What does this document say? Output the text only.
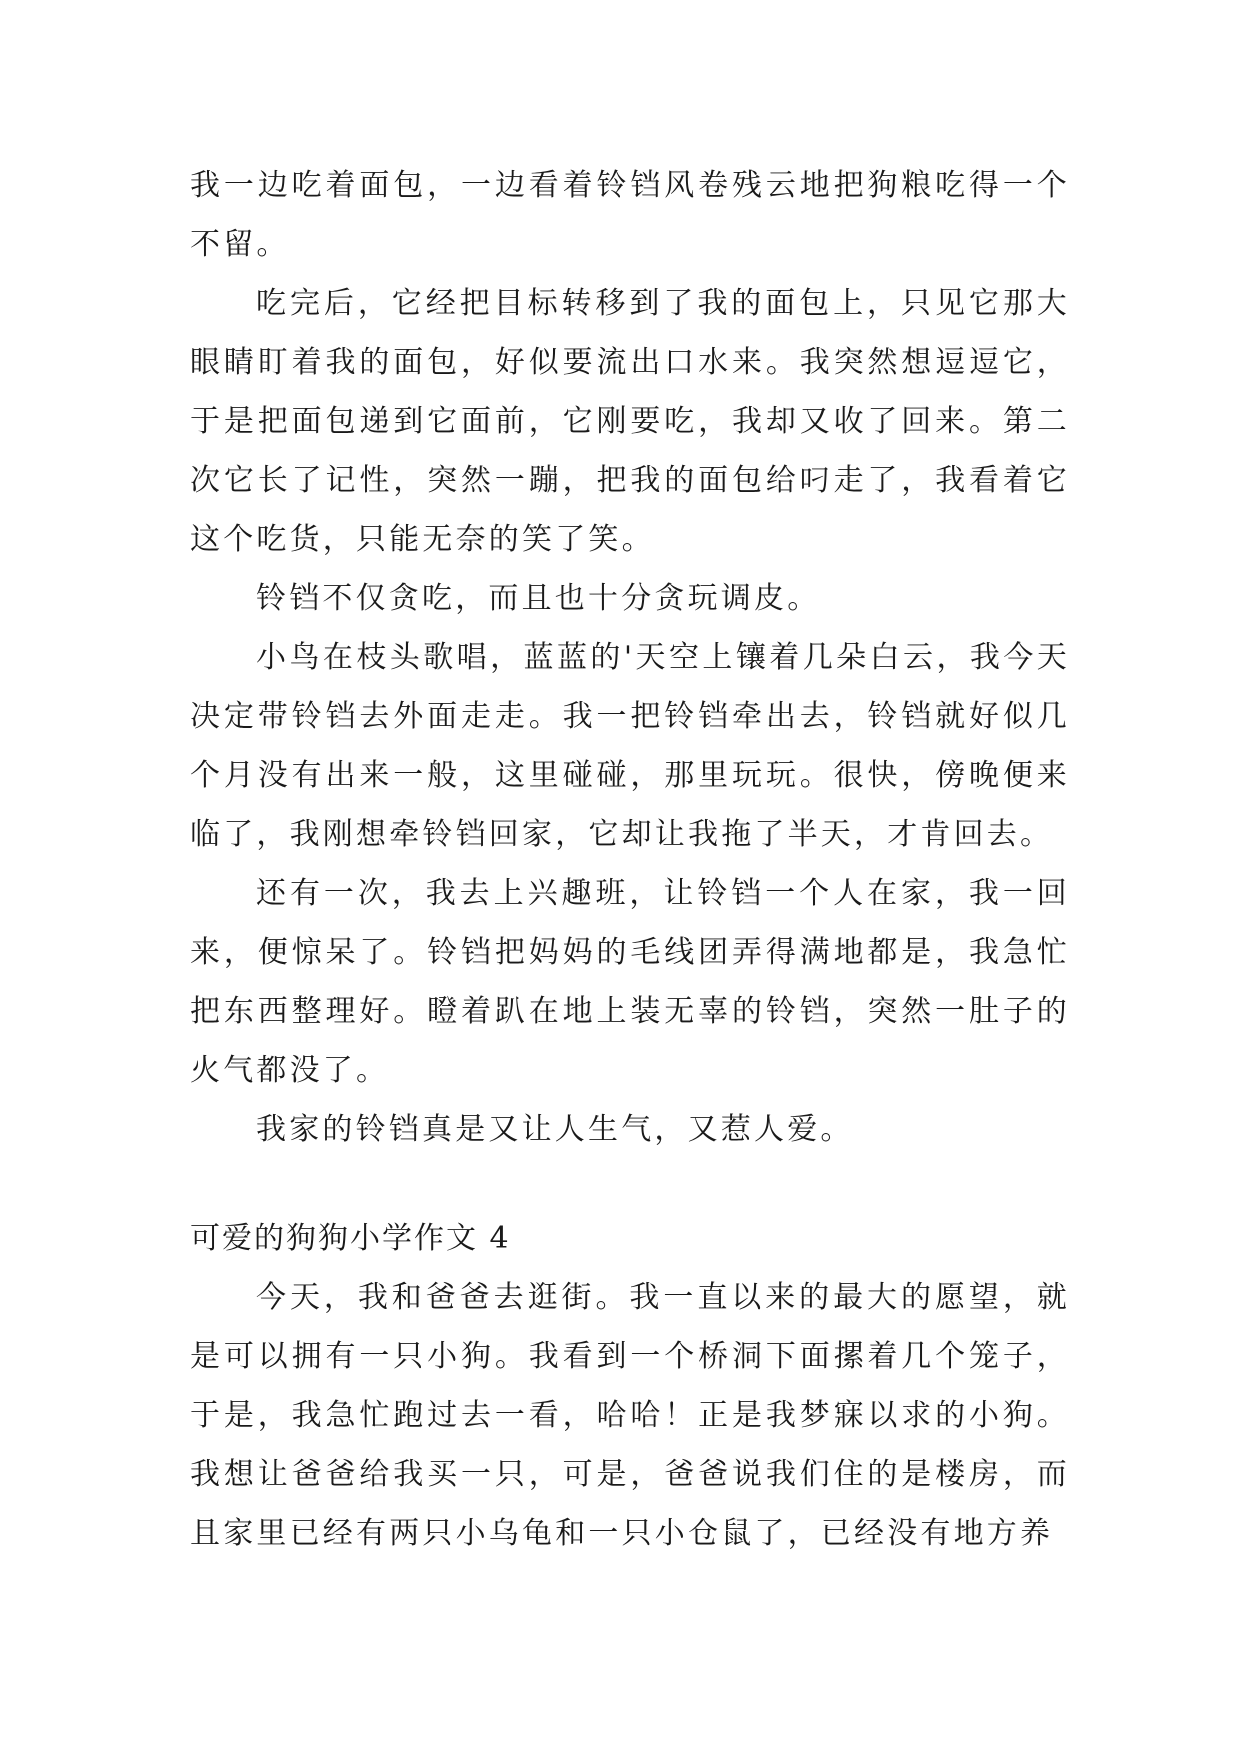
我一边吃着面包，一边看着铃铛风卷残云地把狗粮吃得一个不留。

吃完后，它经把目标转移到了我的面包上，只见它那大眼睛盯着我的面包，好似要流出口水来。我突然想逗逗它，于是把面包递到它面前，它刚要吃，我却又收了回来。第二次它长了记性，突然一蹦，把我的面包给叼走了，我看着它这个吃货，只能无奈的笑了笑。

铃铛不仅贪吃，而且也十分贪玩调皮。

小鸟在枝头歌唱，蓝蓝的'天空上镶着几朵白云，我今天决定带铃铛去外面走走。我一把铃铛牵出去，铃铛就好似几个月没有出来一般，这里碰碰，那里玩玩。很快，傍晚便来临了，我刚想牵铃铛回家，它却让我拖了半天，才肯回去。

还有一次，我去上兴趣班，让铃铛一个人在家，我一回来，便惊呆了。铃铛把妈妈的毛线团弄得满地都是，我急忙把东西整理好。瞪着趴在地上装无辜的铃铛，突然一肚子的火气都没了。

我家的铃铛真是又让人生气，又惹人爱。

可爱的狗狗小学作文 4

今天，我和爸爸去逛街。我一直以来的最大的愿望，就是可以拥有一只小狗。我看到一个桥洞下面摞着几个笼子，于是，我急忙跑过去一看，哈哈！正是我梦寐以求的小狗。我想让爸爸给我买一只，可是，爸爸说我们住的是楼房，而且家里已经有两只小乌龟和一只小仓鼠了，已经没有地方养
